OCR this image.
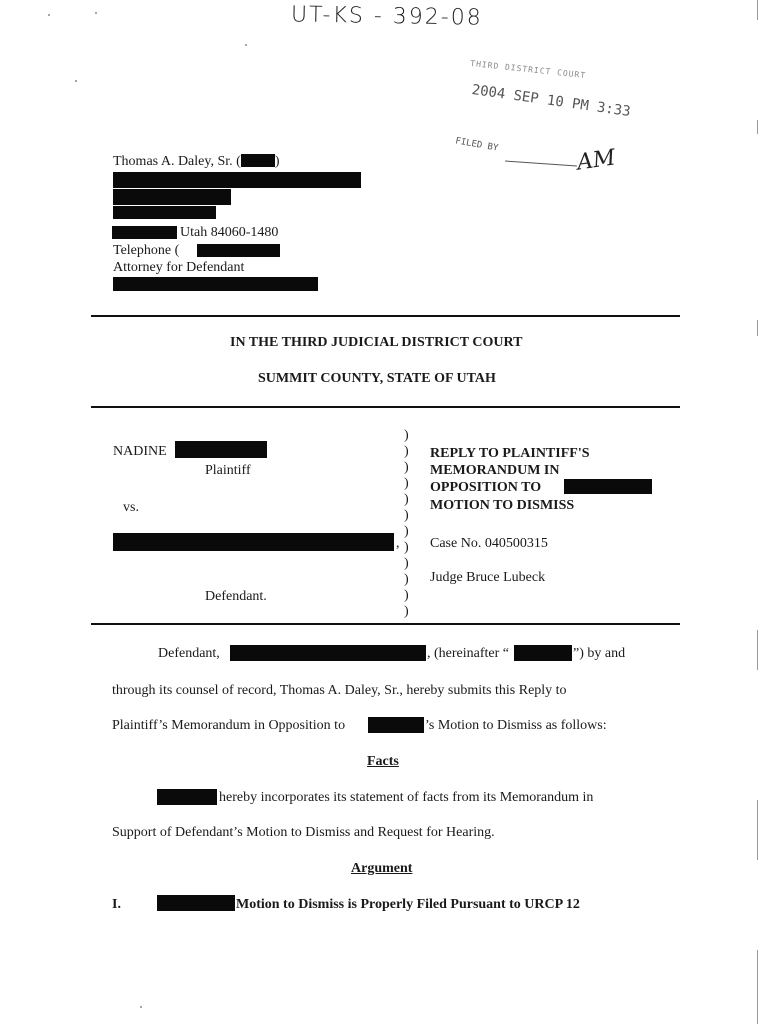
UT-KS - 392-08
THIRD DISTRICT COURT
2004 SEP 10 PM 3:33
FILED BY
AM
Thomas A. Daley, Sr. ( )
Utah 84060-1480
Telephone (
Attorney for Defendant
IN THE THIRD JUDICIAL DISTRICT COURT
SUMMIT COUNTY, STATE OF UTAH
NADINE
Plaintiff
vs.
,
Defendant.
)
)
)
)
)
)
)
)
)
)
)
)
REPLY TO PLAINTIFF'S
MEMORANDUM IN
OPPOSITION TO
MOTION TO DISMISS
Case No. 040500315
Judge Bruce Lubeck
Defendant,	, (hereinafter “	”) by and
through its counsel of record, Thomas A. Daley, Sr., hereby submits this Reply to
Plaintiff’s Memorandum in Opposition to	’s Motion to Dismiss as follows:
Facts
hereby incorporates its statement of facts from its Memorandum in
Support of Defendant’s Motion to Dismiss and Request for Hearing.
Argument
I.	Motion to Dismiss is Properly Filed Pursuant to URCP 12
